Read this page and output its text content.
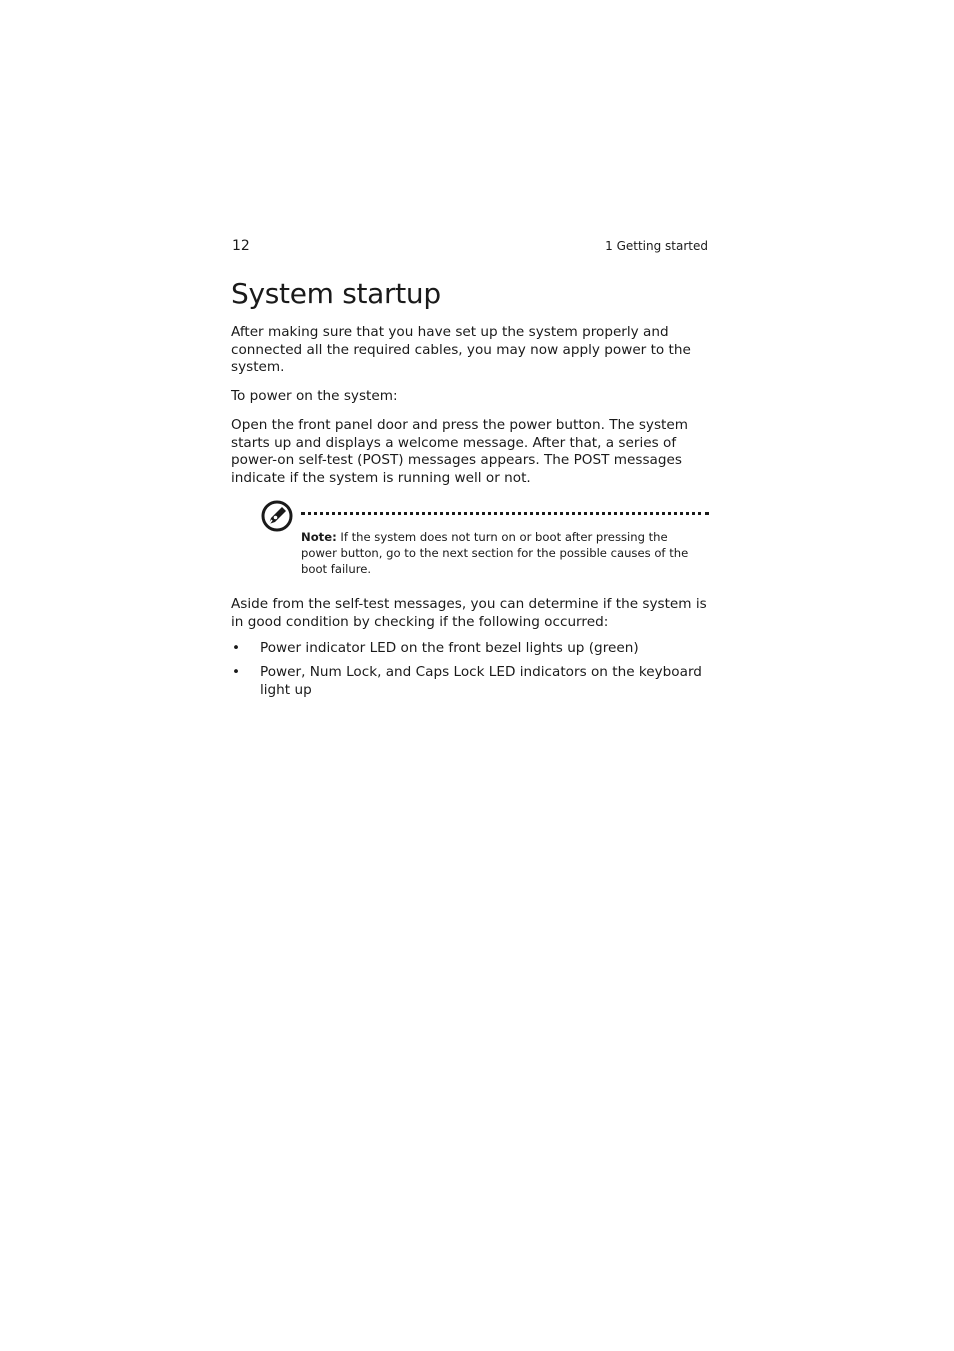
12	1 Getting started
System startup

After making sure that you have set up the system properly and connected all the required cables, you may now apply power to the system.

To power on the system:

Open the front panel door and press the power button. The system starts up and displays a welcome message. After that, a series of power-on self-test (POST) messages appears. The POST messages indicate if the system is running well or not.

Note: If the system does not turn on or boot after pressing the power button, go to the next section for the possible causes of the boot failure.

Aside from the self-test messages, you can determine if the system is in good condition by checking if the following occurred:

• Power indicator LED on the front bezel lights up (green)
• Power, Num Lock, and Caps Lock LED indicators on the keyboard light up
